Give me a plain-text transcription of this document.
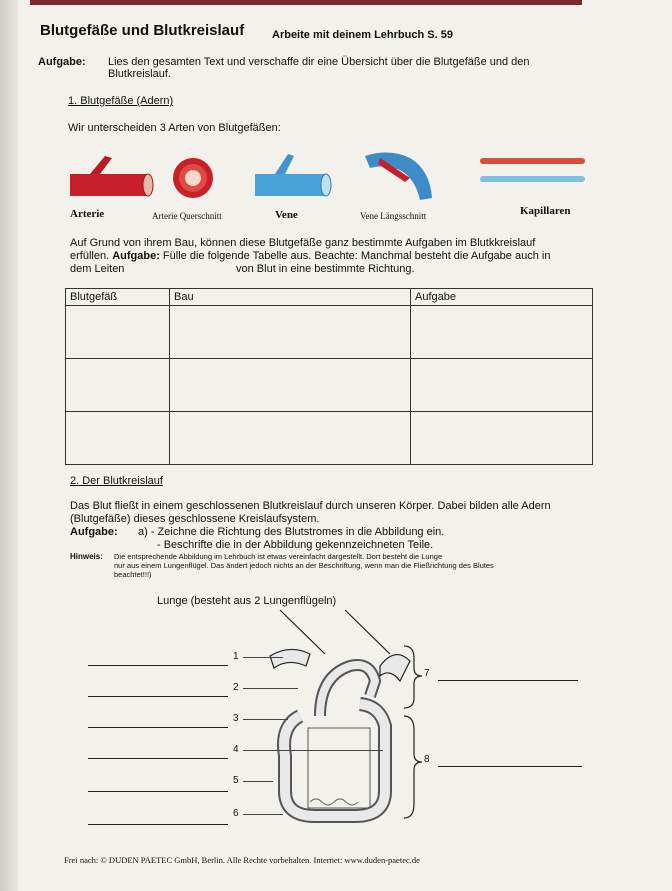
Blutgefäße und Blutkreislauf	Arbeite mit deinem Lehrbuch S. 59
Aufgabe: Lies den gesamten Text und verschaffe dir eine Übersicht über die Blutgefäße und den
Blutkreislauf.
1. Blutgefäße (Adern)
Wir unterscheiden 3 Arten von Blutgefäßen:
Arterie	Arterie Querschnitt	Vene	Vene Längsschnitt	Kapillaren
Auf Grund von ihrem Bau, können diese Blutgefäße ganz bestimmte Aufgaben im Blutkkreislauf
erfüllen. Aufgabe: Fülle die folgende Tabelle aus. Beachte: Manchmal besteht die Aufgabe auch in
dem Leiten	von Blut in eine bestimmte Richtung.
Blutgefäß	Bau	Aufgabe

2. Der Blutkreislauf
Das Blut fließt in einem geschlossenen Blutkreislauf durch unseren Körper. Dabei bilden alle Adern
(Blutgefäße) dieses geschlossene Kreislaufsystem.
Aufgabe: a) - Zeichne die Richtung des Blutstromes in die Abbildung ein.
- Beschrifte die in der Abbildung gekennzeichneten Teile.
Hinweis: Die entsprechende Abbildung im Lehrbuch ist etwas vereinfacht dargestellt. Dort besteht die Lunge
nur aus einem Lungenflügel. Das ändert jedoch nichts an der Beschriftung, wenn man die Fließrichtung des Blutes
beachtet!!!)
Lunge (besteht aus 2 Lungenflügeln)
1
2
3
4
5
6
7
8
Frei nach: © DUDEN PAETEC GmbH, Berlin. Alle Rechte vorbehalten. Internet: www.duden-paetec.de
